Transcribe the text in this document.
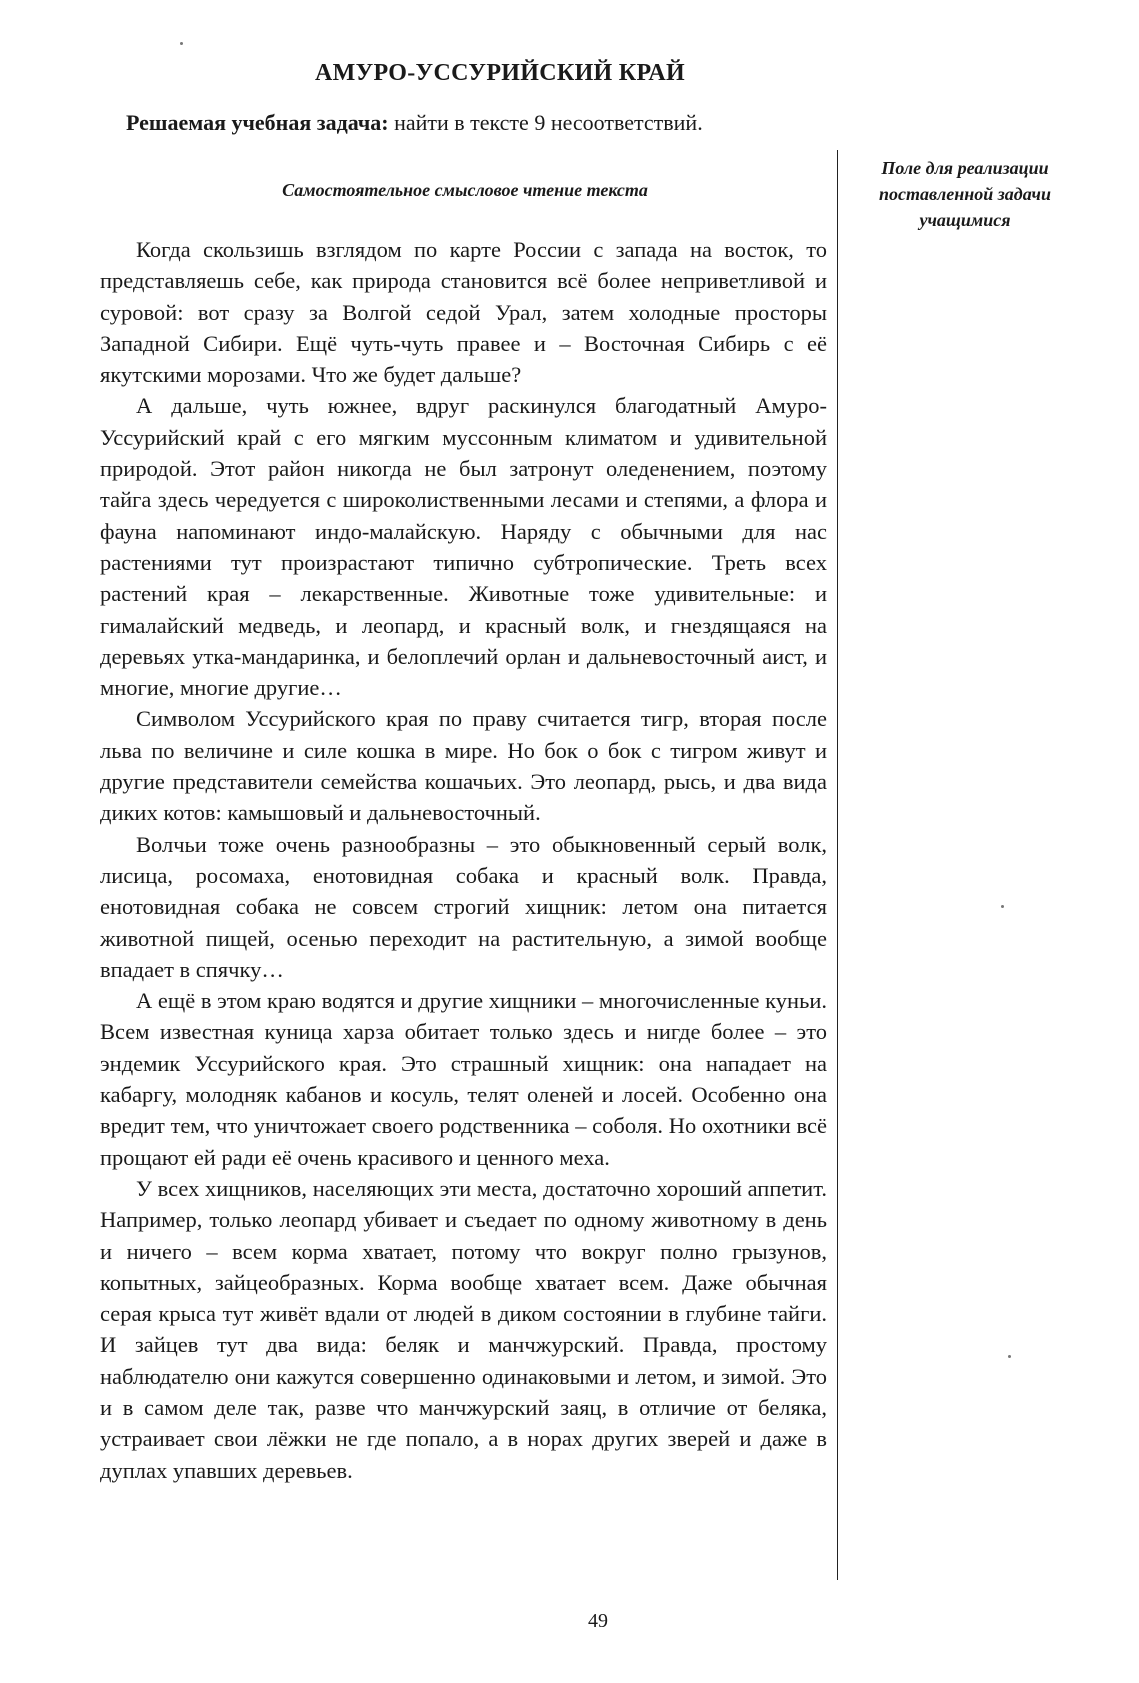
АМУРО-УССУРИЙСКИЙ КРАЙ
Решаемая учебная задача: найти в тексте 9 несоответствий.
Самостоятельное смысловое чтение текста
Поле для реализации поставленной задачи учащимися

Когда скользишь взглядом по карте России с запада на восток, то представляешь себе, как природа становится всё более неприветливой и суровой: вот сразу за Волгой седой Урал, затем холодные просторы Западной Сибири. Ещё чуть-чуть правее и – Восточная Сибирь с её якутскими морозами. Что же будет дальше?

А дальше, чуть южнее, вдруг раскинулся благодатный Амуро-Уссурийский край с его мягким муссонным климатом и удивительной природой. Этот район никогда не был затронут оледенением, поэтому тайга здесь чередуется с широколиственными лесами и степями, а флора и фауна напоминают индо-малайскую. Наряду с обычными для нас растениями тут произрастают типично субтропические. Треть всех растений края – лекарственные. Животные тоже удивительные: и гималайский медведь, и леопард, и красный волк, и гнездящаяся на деревьях утка-мандаринка, и белоплечий орлан и дальневосточный аист, и многие, многие другие…

Символом Уссурийского края по праву считается тигр, вторая после льва по величине и силе кошка в мире. Но бок о бок с тигром живут и другие представители семейства кошачьих. Это леопард, рысь, и два вида диких котов: камышовый и дальневосточный.

Волчьи тоже очень разнообразны – это обыкновенный серый волк, лисица, росомаха, енотовидная собака и красный волк. Правда, енотовидная собака не совсем строгий хищник: летом она питается животной пищей, осенью переходит на растительную, а зимой вообще впадает в спячку…

А ещё в этом краю водятся и другие хищники – многочисленные куньи. Всем известная куница харза обитает только здесь и нигде более – это эндемик Уссурийского края. Это страшный хищник: она нападает на кабаргу, молодняк кабанов и косуль, телят оленей и лосей. Особенно она вредит тем, что уничтожает своего родственника – соболя. Но охотники всё прощают ей ради её очень красивого и ценного меха.

У всех хищников, населяющих эти места, достаточно хороший аппетит. Например, только леопард убивает и съедает по одному животному в день и ничего – всем корма хватает, потому что вокруг полно грызунов, копытных, зайцеобразных. Корма вообще хватает всем. Даже обычная серая крыса тут живёт вдали от людей в диком состоянии в глубине тайги. И зайцев тут два вида: беляк и манчжурский. Правда, простому наблюдателю они кажутся совершенно одинаковыми и летом, и зимой. Это и в самом деле так, разве что манчжурский заяц, в отличие от беляка, устраивает свои лёжки не где попало, а в норах других зверей и даже в дуплах упавших деревьев.

49
